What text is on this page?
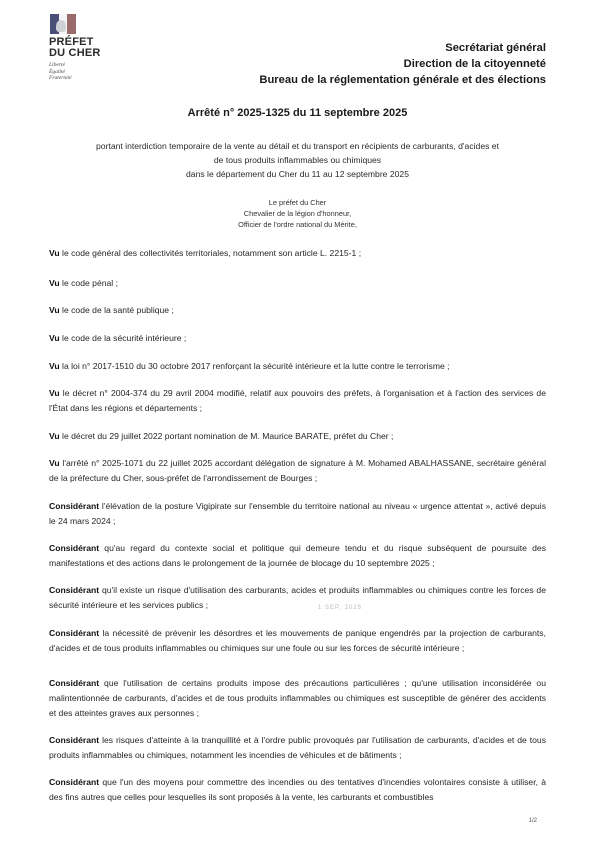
PRÉFET
DU CHER
Liberté
Égalité
Fraternité
Secrétariat général
Direction de la citoyenneté
Bureau de la réglementation générale et des élections
Arrêté n° 2025-1325 du 11 septembre 2025
portant interdiction temporaire de la vente au détail et du transport en récipients de carburants, d'acides et
de tous produits inflammables ou chimiques
dans le département du Cher du 11 au 12 septembre 2025
Le préfet du Cher
Chevalier de la légion d'honneur,
Officier de l'ordre national du Mérite,
Vu le code général des collectivités territoriales, notamment son article L. 2215-1 ;
Vu le code pénal ;
Vu le code de la santé publique ;
Vu le code de la sécurité intérieure ;
Vu la loi n° 2017-1510 du 30 octobre 2017 renforçant la sécurité intérieure et la lutte contre le terrorisme ;
Vu le décret n° 2004-374 du 29 avril 2004 modifié, relatif aux pouvoirs des préfets, à l'organisation et à l'action des services de l'État dans les régions et départements ;
Vu le décret du 29 juillet 2022 portant nomination de M. Maurice BARATE, préfet du Cher ;
Vu l'arrêté n° 2025-1071 du 22 juillet 2025 accordant délégation de signature à M. Mohamed ABALHASSANE, secrétaire général de la préfecture du Cher, sous-préfet de l'arrondissement de Bourges ;
Considérant l'élévation de la posture Vigipirate sur l'ensemble du territoire national au niveau « urgence attentat », activé depuis le 24 mars 2024 ;
Considérant qu'au regard du contexte social et politique qui demeure tendu et du risque subséquent de poursuite des manifestations et des actions dans le prolongement de la journée de blocage du 10 septembre 2025 ;
Considérant qu'il existe un risque d'utilisation des carburants, acides et produits inflammables ou chimiques contre les forces de sécurité intérieure et les services publics ;
Considérant la nécessité de prévenir les désordres et les mouvements de panique engendrés par la projection de carburants, d'acides et de tous produits inflammables ou chimiques sur une foule ou sur les forces de sécurité intérieure ;
Considérant que l'utilisation de certains produits impose des précautions particulières ; qu'une utilisation inconsidérée ou malintentionnée de carburants, d'acides et de tous produits inflammables ou chimiques est susceptible de générer des accidents et des atteintes graves aux personnes ;
Considérant les risques d'atteinte à la tranquillité et à l'ordre public provoqués par l'utilisation de carburants, d'acides et de tous produits inflammables ou chimiques, notamment les incendies de véhicules et de bâtiments ;
Considérant que l'un des moyens pour commettre des incendies ou des tentatives d'incendies volontaires consiste à utiliser, à des fins autres que celles pour lesquelles ils sont proposés à la vente, les carburants et combustibles
1 SEP. 2025
1/2
